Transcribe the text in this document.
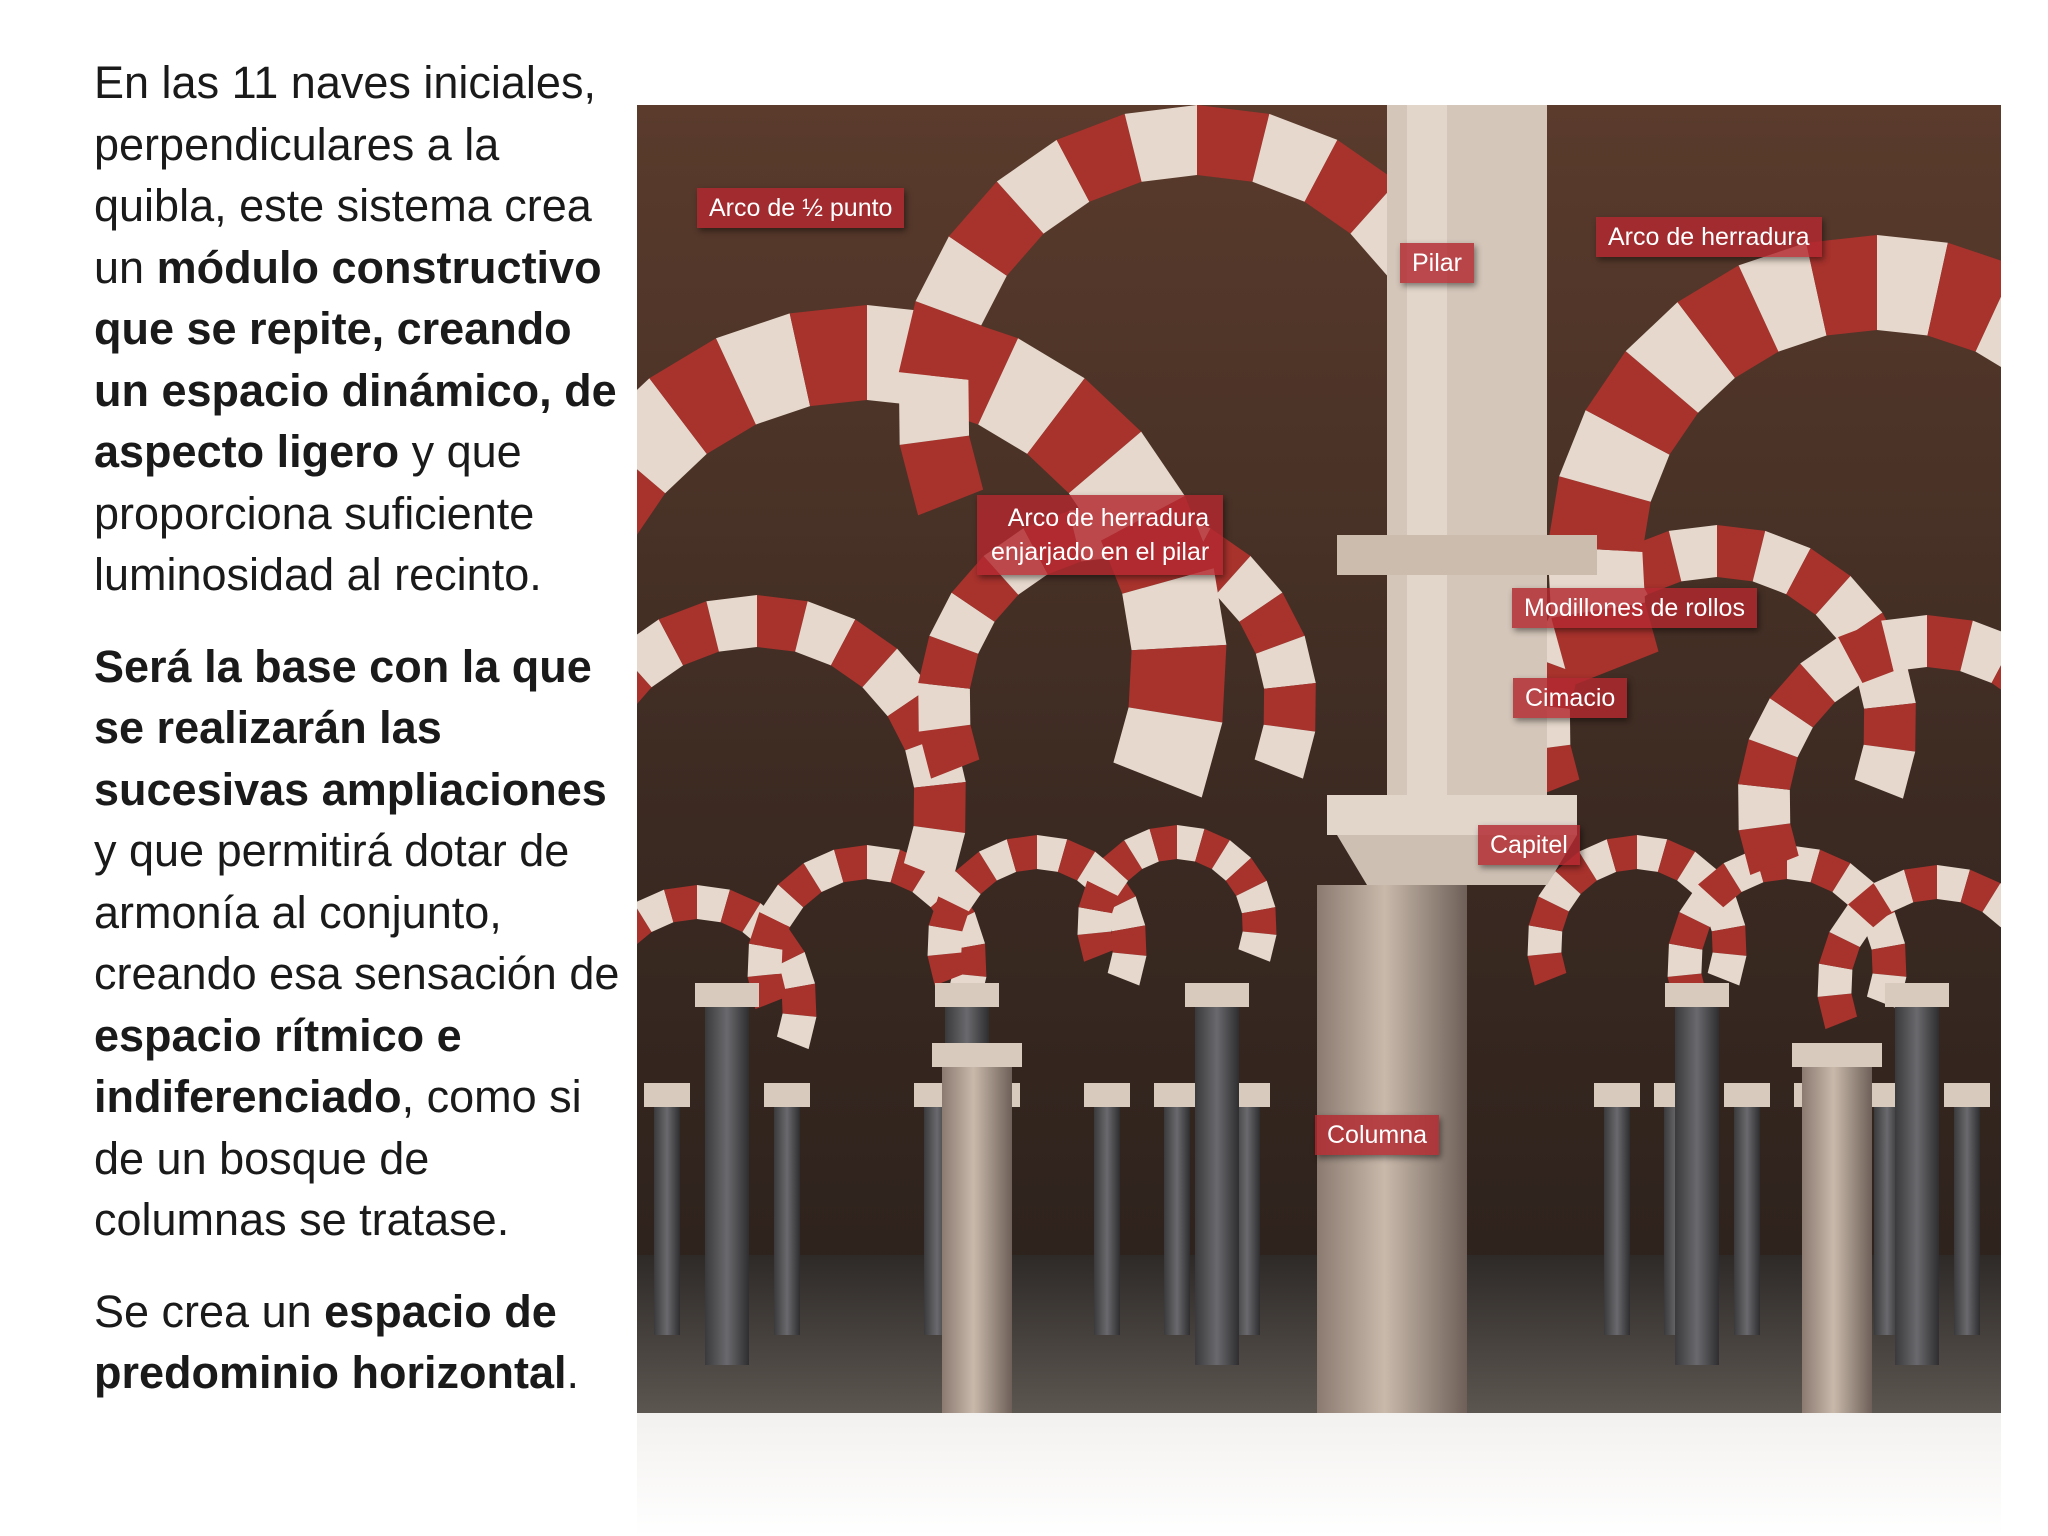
En las 11 naves iniciales, perpendiculares a la quibla, este sistema crea un módulo constructivo que se repite, creando un espacio dinámico, de aspecto ligero y que proporciona suficiente luminosidad al recinto.

Será la base con la que se realizarán las sucesivas ampliaciones y que permitirá dotar de armonía al conjunto, creando esa sensación de espacio rítmico e indiferenciado, como si de un bosque de columnas se tratase.

Se crea un espacio de predominio horizontal.

Arco de ½ punto
Pilar
Arco de herradura
Arco de herradura
enjarjado en el pilar
Modillones de rollos
Cimacio
Capitel
Columna
